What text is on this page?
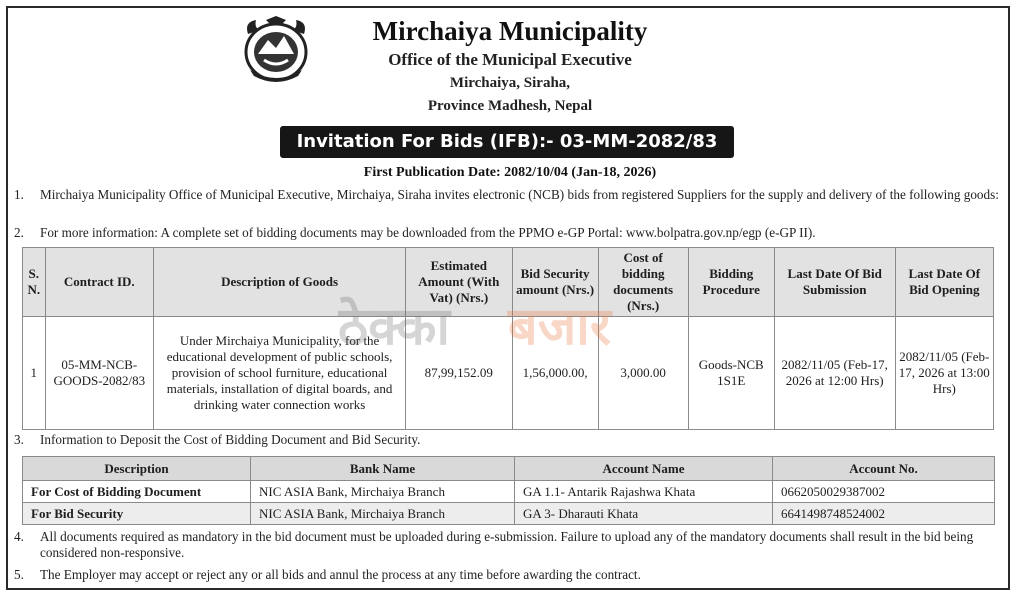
Mirchaiya Municipality
Office of the Municipal Executive
Mirchaiya, Siraha,
Province Madhesh, Nepal
Invitation For Bids (IFB):- 03-MM-2082/83
First Publication Date: 2082/10/04 (Jan-18, 2026)
1. Mirchaiya Municipality Office of Municipal Executive, Mirchaiya, Siraha invites electronic (NCB) bids from registered Suppliers for the supply and delivery of the following goods:
2. For more information: A complete set of bidding documents may be downloaded from the PPMO e-GP Portal: www.bolpatra.gov.np/egp (e-GP II).
S. N.	Contract ID.	Description of Goods	Estimated Amount (With Vat) (Nrs.)	Bid Security amount (Nrs.)	Cost of bidding documents (Nrs.)	Bidding Procedure	Last Date Of Bid Submission	Last Date Of Bid Opening
1	05-MM-NCB-GOODS-2082/83	Under Mirchaiya Municipality, for the educational development of public schools, provision of school furniture, educational materials, installation of digital boards, and drinking water connection works	87,99,152.09	1,56,000.00,	3,000.00	Goods-NCB 1S1E	2082/11/05 (Feb-17, 2026 at 12:00 Hrs)	2082/11/05 (Feb-17, 2026 at 13:00 Hrs)
ठेक्का बजार
3. Information to Deposit the Cost of Bidding Document and Bid Security.
Description	Bank Name	Account Name	Account No.
For Cost of Bidding Document	NIC ASIA Bank, Mirchaiya Branch	GA 1.1- Antarik Rajashwa Khata	0662050029387002
For Bid Security	NIC ASIA Bank, Mirchaiya Branch	GA 3- Dharauti Khata	6641498748524002
4. All documents required as mandatory in the bid document must be uploaded during e-submission. Failure to upload any of the mandatory documents shall result in the bid being considered non-responsive.
5. The Employer may accept or reject any or all bids and annul the process at any time before awarding the contract.
